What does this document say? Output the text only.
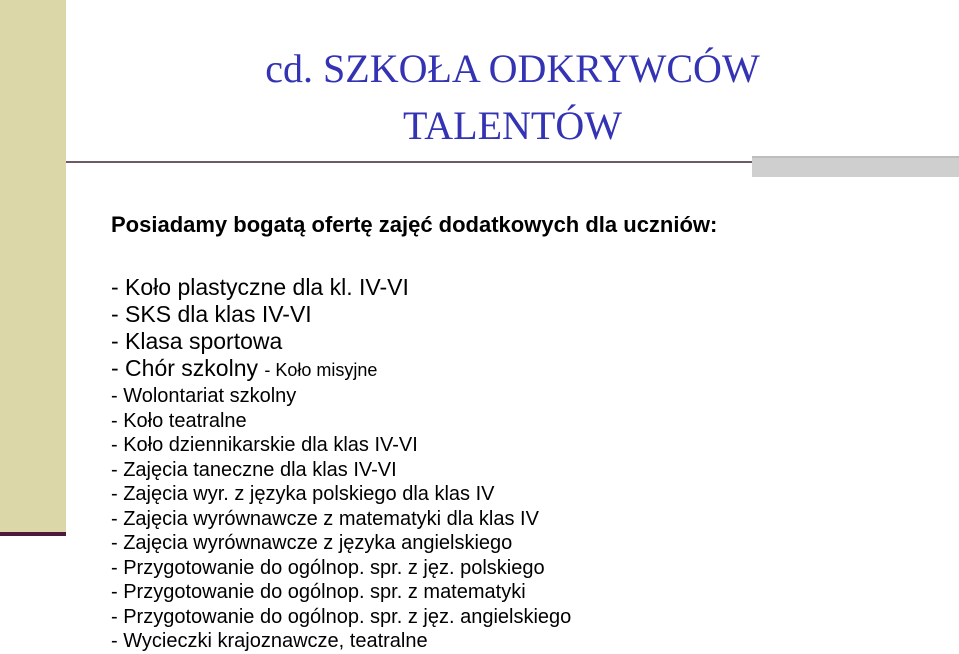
cd. SZKOŁA ODKRYWCÓW
TALENTÓW
Posiadamy bogatą ofertę zajęć dodatkowych dla uczniów:
- Koło plastyczne dla kl. IV-VI
- SKS dla klas IV-VI
- Klasa sportowa
- Chór szkolny - Koło misyjne
- Wolontariat szkolny
- Koło teatralne
- Koło dziennikarskie dla klas IV-VI
- Zajęcia taneczne dla klas IV-VI
- Zajęcia wyr. z języka polskiego dla klas IV
- Zajęcia wyrównawcze z matematyki dla klas IV
- Zajęcia wyrównawcze z języka angielskiego
- Przygotowanie do ogólnop. spr. z jęz. polskiego
- Przygotowanie do ogólnop. spr. z matematyki
- Przygotowanie do ogólnop. spr. z jęz. angielskiego
- Wycieczki krajoznawcze, teatralne
